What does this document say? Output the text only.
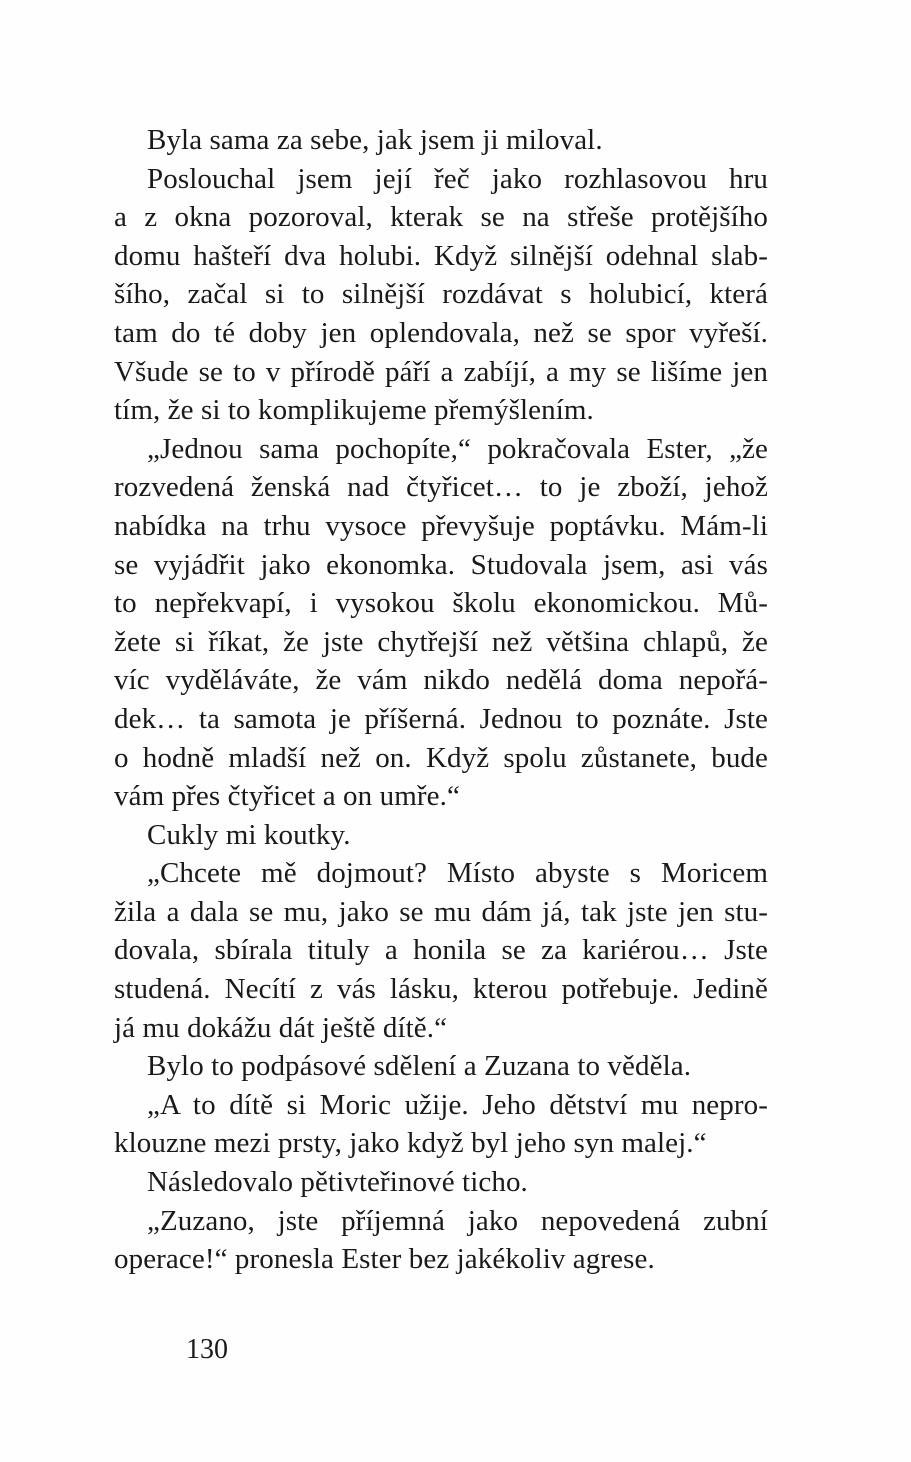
Byla sama za sebe, jak jsem ji miloval.
Poslouchal jsem její řeč jako rozhlasovou hru
a z okna pozoroval, kterak se na střeše protějšího
domu hašteří dva holubi. Když silnější odehnal slab-
šího, začal si to silnější rozdávat s holubicí, která
tam do té doby jen oplendovala, než se spor vyřeší.
Všude se to v přírodě páří a zabíjí, a my se lišíme jen
tím, že si to komplikujeme přemýšlením.
„Jednou sama pochopíte,“ pokračovala Ester, „že
rozvedená ženská nad čtyřicet… to je zboží, jehož
nabídka na trhu vysoce převyšuje poptávku. Mám-li
se vyjádřit jako ekonomka. Studovala jsem, asi vás
to nepřekvapí, i vysokou školu ekonomickou. Mů-
žete si říkat, že jste chytřejší než většina chlapů, že
víc vyděláváte, že vám nikdo nedělá doma nepořá-
dek… ta samota je příšerná. Jednou to poznáte. Jste
o hodně mladší než on. Když spolu zůstanete, bude
vám přes čtyřicet a on umře.“
Cukly mi koutky.
„Chcete mě dojmout? Místo abyste s Moricem
žila a dala se mu, jako se mu dám já, tak jste jen stu-
dovala, sbírala tituly a honila se za kariérou… Jste
studená. Necítí z vás lásku, kterou potřebuje. Jedině
já mu dokážu dát ještě dítě.“
Bylo to podpásové sdělení a Zuzana to věděla.
„A to dítě si Moric užije. Jeho dětství mu nepro-
klouzne mezi prsty, jako když byl jeho syn malej.“
Následovalo pětivteřinové ticho.
„Zuzano, jste příjemná jako nepovedená zubní
operace!“ pronesla Ester bez jakékoliv agrese.
130
